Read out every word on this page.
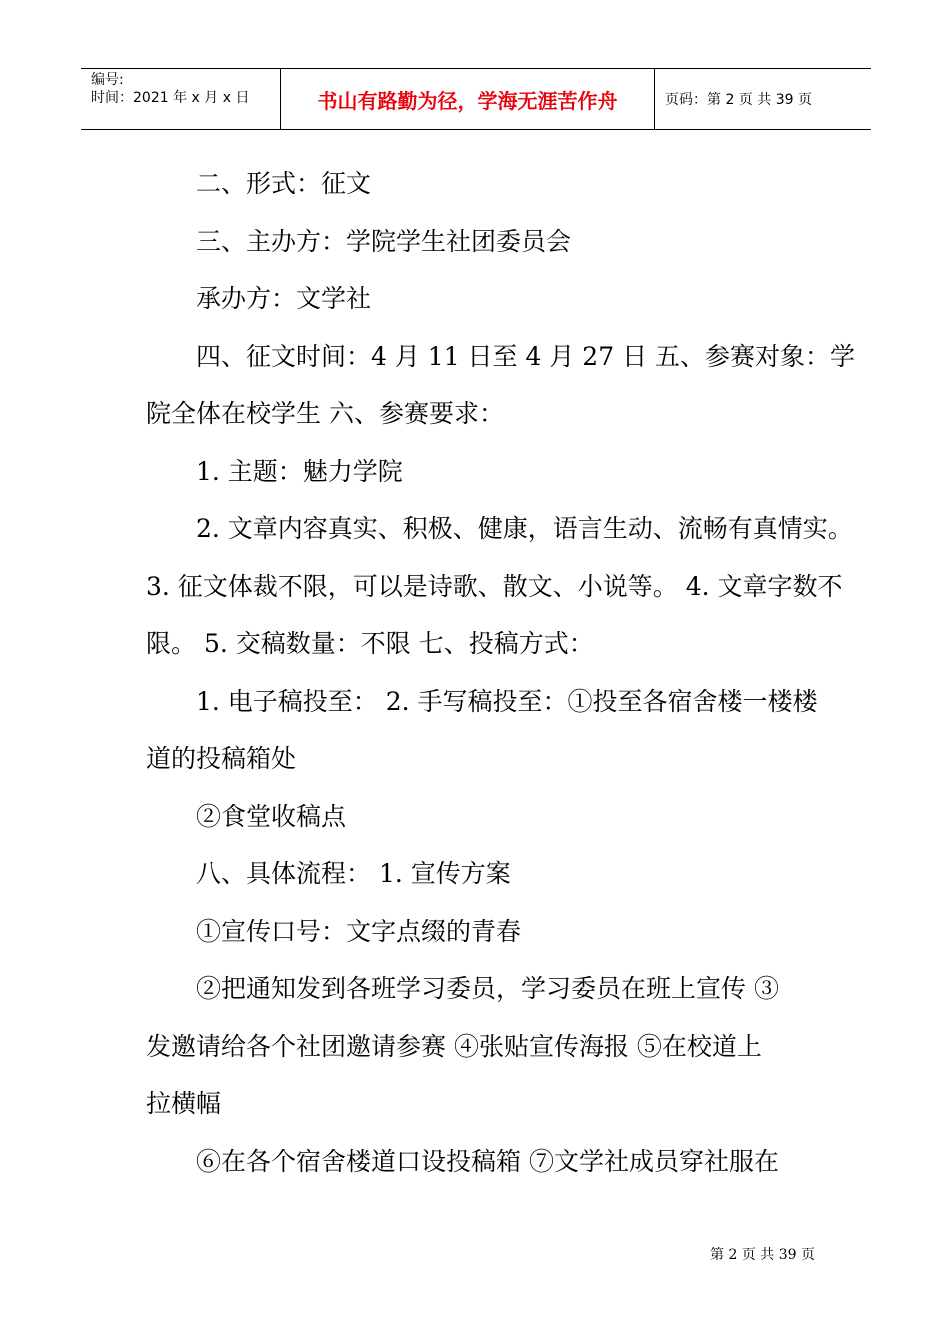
编号:
时间：2021 年 x 月 x 日	书山有路勤为径，学海无涯苦作舟	页码：第 2 页 共 39 页

二、形式：征文

三、主办方：学院学生社团委员会

承办方：文学社

四、征文时间：4 月 11 日至 4 月 27 日 五、参赛对象：学

院全体在校学生 六、参赛要求：

1. 主题：魅力学院

2. 文章内容真实、积极、健康，语言生动、流畅有真情实。

3. 征文体裁不限，可以是诗歌、散文、小说等。 4. 文章字数不

限。 5. 交稿数量：不限 七、投稿方式：

1. 电子稿投至： 2. 手写稿投至：①投至各宿舍楼一楼楼

道的投稿箱处

②食堂收稿点

八、具体流程： 1. 宣传方案

①宣传口号：文字点缀的青春

②把通知发到各班学习委员，学习委员在班上宣传 ③

发邀请给各个社团邀请参赛 ④张贴宣传海报 ⑤在校道上

拉横幅

⑥在各个宿舍楼道口设投稿箱 ⑦文学社成员穿社服在

第 2 页 共 39 页
